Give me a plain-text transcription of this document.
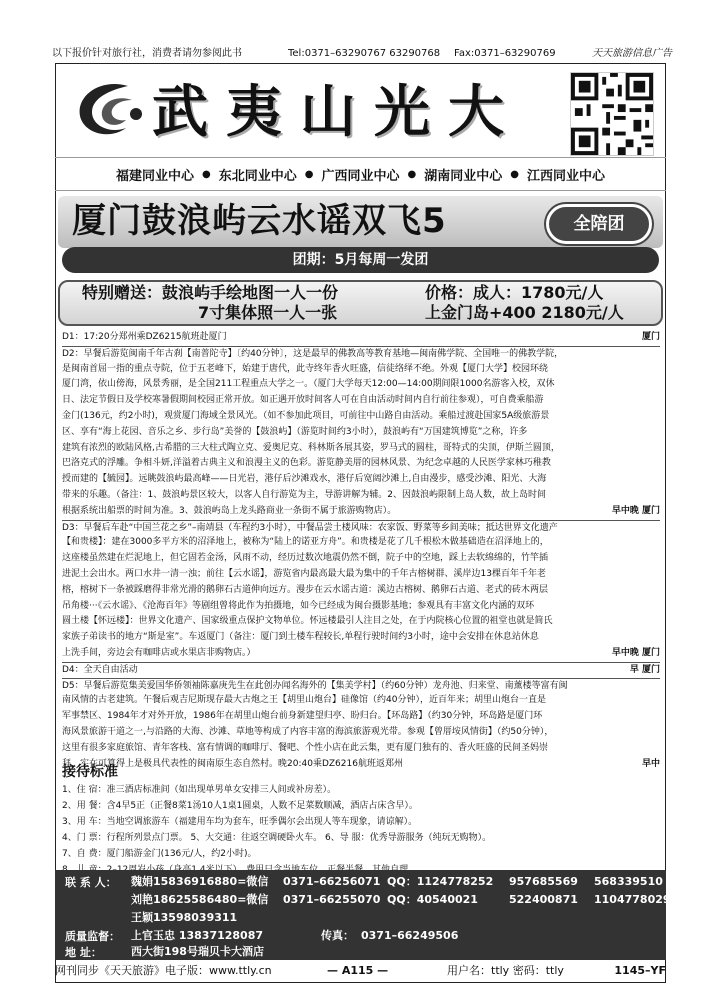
以下报价针对旅行社，消费者请勿参阅此书	Tel:0371–63290767 63290768 Fax:0371–63290769	天天旅游信息广告
武夷山光大
福建同业中心 ● 东北同业中心 ● 广西同业中心 ● 湖南同业中心 ● 江西同业中心
厦门鼓浪屿云水谣双飞5	全陪团
团期：5月每周一发团
特别赠送：鼓浪屿手绘地图一人一份
7寸集体照一人一张
价格：成人：1780元/人
上金门岛+400 2180元/人
D1：17:20分郑州乘DZ6215航班赴厦门	厦门
D2：早餐后游览闽南千年古刹【南普陀寺】〔约40分钟〕，这是最早的佛教高等教育基地—闽南佛学院、全国唯一的佛教学院，
是闽南首屈一指的重点寺院，位于五老峰下，始建于唐代，此寺终年香火旺盛，信徒络绎不绝。外观【厦门大学】校园环绕
厦门湾，依山傍海，风景秀丽，是全国211工程重点大学之一。（厦门大学每天12:00—14:00期间限1000名游客入校，双休
日、法定节假日及学校寒暑假期间校园正常开放。如正遇开放时间客人可在自由活动时间内自行前往参观），可自费乘船游
金门(136元，约2小时)，观赏厦门海域全景风光。（如不参加此项目，可前往中山路自由活动。乘船过渡赴国家5A级旅游景
区、享有“海上花园、音乐之乡、步行岛”美誉的【鼓浪屿】（游览时间约3小时），鼓浪屿有“万国建筑博览”之称，许多
建筑有浓烈的欧陆风格,古希腊的三大柱式陶立克、爱奥尼克、科林斯各展其姿，罗马式的圆柱，哥特式的尖顶，伊斯兰圆顶，
巴洛克式的浮雕。争相斗妍,洋溢着古典主义和浪漫主义的色彩。游览静美厝的园林风景、为纪念卓越的人民医学家林巧稚教
授而建的【毓园】。远眺鼓浪屿最高峰——日光岩，港仔后沙滩戏水，港仔后宽阔沙滩上,自由漫步，感受沙滩、阳光、大海
带来的乐趣。（备注：1、鼓浪屿景区较大，以客人自行游览为主，导游讲解为辅。2、因鼓浪屿限制上岛人数，故上岛时间
根据系统出船票的时间为准。3、鼓浪屿岛上龙头路商业一条街不属于旅游购物店）。	早中晚 厦门
D3：早餐后车赴“中国兰花之乡”–南靖县（车程约3小时），中餐品尝土楼风味：农家饭、野菜等乡间美味；抵达世界文化遗产
【和贵楼】：建在3000多平方米的沼泽地上，被称为“陆上的诺亚方舟”。和贵楼是花了几千根松木做基础造在沼泽地上的，
这座楼虽然建在烂泥地上，但它固若金汤，风雨不动，经历过数次地震仍然不倒，院子中的空地，踩上去软绵绵的，竹竿插
进泥土会出水。两口水井一清一浊；前往【云水谣】，游览省内最高最大最为集中的千年古榕树群、溪岸边13棵百年千年老
榕，榕树下一条被踩磨得非常光滑的鹅卵石古道伸向远方。漫步在云水谣古道：溪边古榕树、鹅卵石古道、老式的砖木两层
吊角楼···《云水谣》、《沧海百年》等剧组曾将此作为拍摄地，如今已经成为闽台摄影基地；参观具有丰富文化内涵的双环
圆土楼【怀远楼】：世界文化遗产、国家级重点保护文物单位。怀远楼最引人注目之处，在于内院核心位置的祖堂也就是简氏
家族子弟读书的地方“斯是室”。车返厦门（备注：厦门到土楼车程较长,单程行驶时间约3小时，途中会安排在休息站休息
上洗手间，旁边会有咖啡店或水果店非购物店。）	早中晚 厦门
D4：全天自由活动	早 厦门
D5：早餐后游览集美爱国华侨领袖陈嘉庚先生在此创办闻名海外的【集美学村】（约60分钟）龙舟池、归来堂、南薰楼等富有闽
南风情的古老建筑。午餐后观吉尼斯现存最大古炮之王【胡里山炮台】硅像馆（约40分钟），近百年来；胡里山炮台一直是
军事禁区、1984年才对外开放，1986年在胡里山炮台前身新建望归亭、盼归台。【环岛路】（约30分钟，环岛路是厦门环
海风景旅游干道之一,与沿路的大海、沙滩、草地等构成了内容丰富的海滨旅游观光带。参观【曾厝垵风情街】（约50分钟），
这里有很多家庭旅馆、青年客栈、富有情调的咖啡厅、餐吧、个性小店在此云集，更有厦门独有的、香火旺盛的民间圣妈崇
拜，实在可算得上是极具代表性的闽南原生态自然村。晚20:40乘DZ6216航班返郑州	早中
接待标准
1、住 宿：准三酒店标准间（如出现单男单女安排三人间或补房差）。
2、用 餐：含4早5正（正餐8菜1汤10人1桌1圆桌，人数不足菜数顺减，酒店占床含早）。
3、用 车：当地空调旅游车（福建用车均为套车，旺季偶尔会出现人等车现象，请谅解）。
4、门 票：行程所列景点门票。 5、大交通：往返空调硬卧火车。 6、导 服：优秀导游服务（纯玩无购物）。
7、自 费：厦门船游金门(136元/人，约2小时)。
联 系 人：	魏娟15836916880=微信 0371–66256071 QQ：1124778252 957685569 568339510
刘艳18625586480=微信 0371–66255070 QQ：40540021	522400871 1104778029
王颖13598039311
质量监督：	上官玉忠 13837128087	传真： 0371–66249506
地 址：	西大街198号瑞贝卡大酒店
网刊同步《天天旅游》电子版：www.ttly.cn	— A115 —	用户名：ttly 密码：ttly	1145–YF
